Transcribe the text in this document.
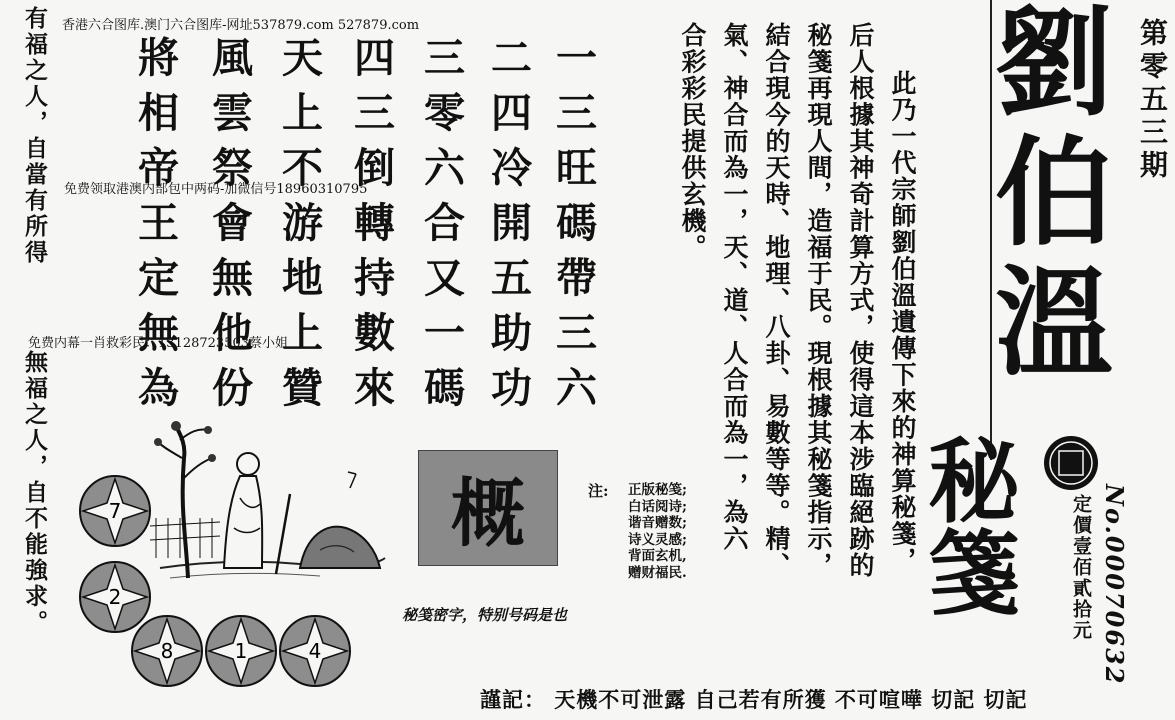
香港六合图库.澳门六合图库-网址537879.com 527879.com
免费领取港澳内部包中两码-加微信号18960310795
免费内幕一肖救彩民：13128723503蔡小姐
有福之人，自當有所得
無福之人，自不能強求。
一三旺碼帶三六
二四冷開五助功
三零六合又一碼
四三倒轉持數來
天上不游地上贊
風雲祭會無他份
將相帝王定無為	此乃一代宗師劉伯溫遺傳下來的神算秘箋，
后人根據其神奇計算方式，使得這本涉臨絕跡的
秘箋再現人間，造福于民。現根據其秘箋指示，
結合現今的天時、地理、八卦、易數等等。精、
氣、神合而為一，天、道、人合而為一，為六
合彩彩民提供玄機。 劉
伯
溫
秘
箋
第零五三期
定價壹佰貳拾元 No.00070632
概	注: 正版秘笺;
白话阅诗;
谐音赠数;
诗义灵感;
背面玄机,
赠财福民.
秘笺密字，特别号码是也
7
2
8	1	4
謹記： 天機不可泄露 自己若有所獲 不可喧嘩 切記 切記
